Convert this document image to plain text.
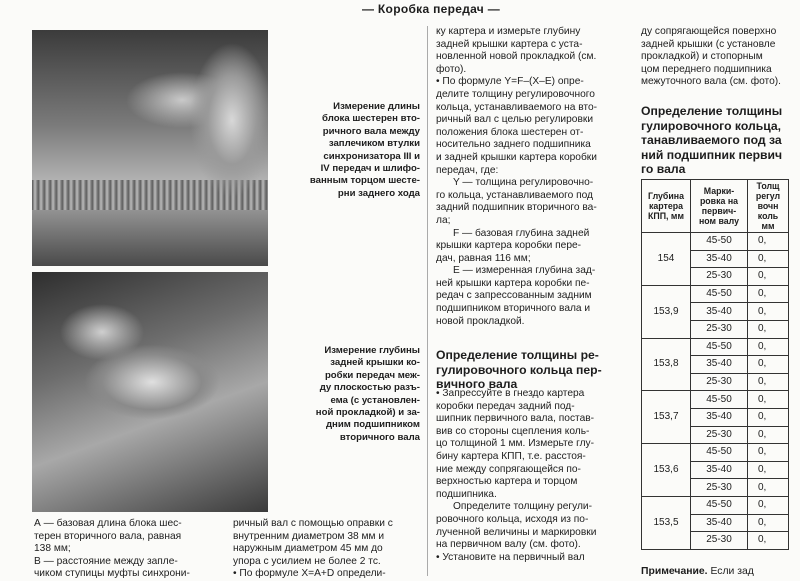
— Коробка передач —
Измерение длины
блока шестерен вто-
ричного вала между
заплечиком втулки
синхронизатора III и
IV передач и шлифо-
ванным торцом шесте-
рни заднего хода
Измерение глубины
задней крышки ко-
робки передач меж-
ду плоскостью разъ-
ема (с установлен-
ной прокладкой) и за-
дним подшипником
вторичного вала
А — базовая длина блока шес-
терен вторичного вала, равная
138 мм;
В — расстояние между запле-
чиком ступицы муфты синхрони-
ричный вал с помощью оправки с
внутренним диаметром 38 мм и
наружным диаметром 45 мм до
упора с усилием не более 2 тс.
• По формуле X=A+D определи-
ку картера и измерьте глубину
задней крышки картера с уста-
новленной новой прокладкой (см.
фото).
• По формуле Y=F–(X–E) опре-
делите толщину регулировочного
кольца, устанавливаемого на вто-
ричный вал с целью регулировки
положения блока шестерен от-
носительно заднего подшипника
и задней крышки картера коробки
передач, где:
Y — толщина регулировочно-
го кольца, устанавливаемого под
задний подшипник вторичного ва-
ла;
F — базовая глубина задней
крышки картера коробки пере-
дач, равная 116 мм;
E — измеренная глубина зад-
ней крышки картера коробки пе-
редач с запрессованным задним
подшипником вторичного вала и
новой прокладкой.
Определение толщины ре-
гулировочного кольца пер-
вичного вала
• Запрессуйте в гнездо картера
коробки передач задний под-
шипник первичного вала, постав-
вив со стороны сцепления коль-
цо толщиной 1 мм. Измерьте глу-
бину картера КПП, т.е. расстоя-
ние между сопрягающейся по-
верхностью картера и торцом
подшипника.
Определите толщину регули-
ровочного кольца, исходя из по-
лученной величины и маркировки
на первичном валу (см. фото).
• Установите на первичный вал
ду сопрягающейся поверхно
задней крышки (с установле
прокладкой) и стопорным
цом переднего подшипника
межуточного вала (см. фото).
Определение толщины
гулировочного кольца,
танавливаемого под за
ний подшипник первич
го вала
Глубина
картера
КПП, мм	Марки-
ровка на
первич-
ном валу	Толщ
регул
вочн
коль
мм
154	45-50	0,
	35-40	0,
	25-30	0,
153,9	45-50	0,
	35-40	0,
	25-30	0,
153,8	45-50	0,
	35-40	0,
	25-30	0,
153,7	45-50	0,
	35-40	0,
	25-30	0,
153,6	45-50	0,
	35-40	0,
	25-30	0,
153,5	45-50	0,
	35-40	0,
	25-30	0,
Примечание. Если зад
